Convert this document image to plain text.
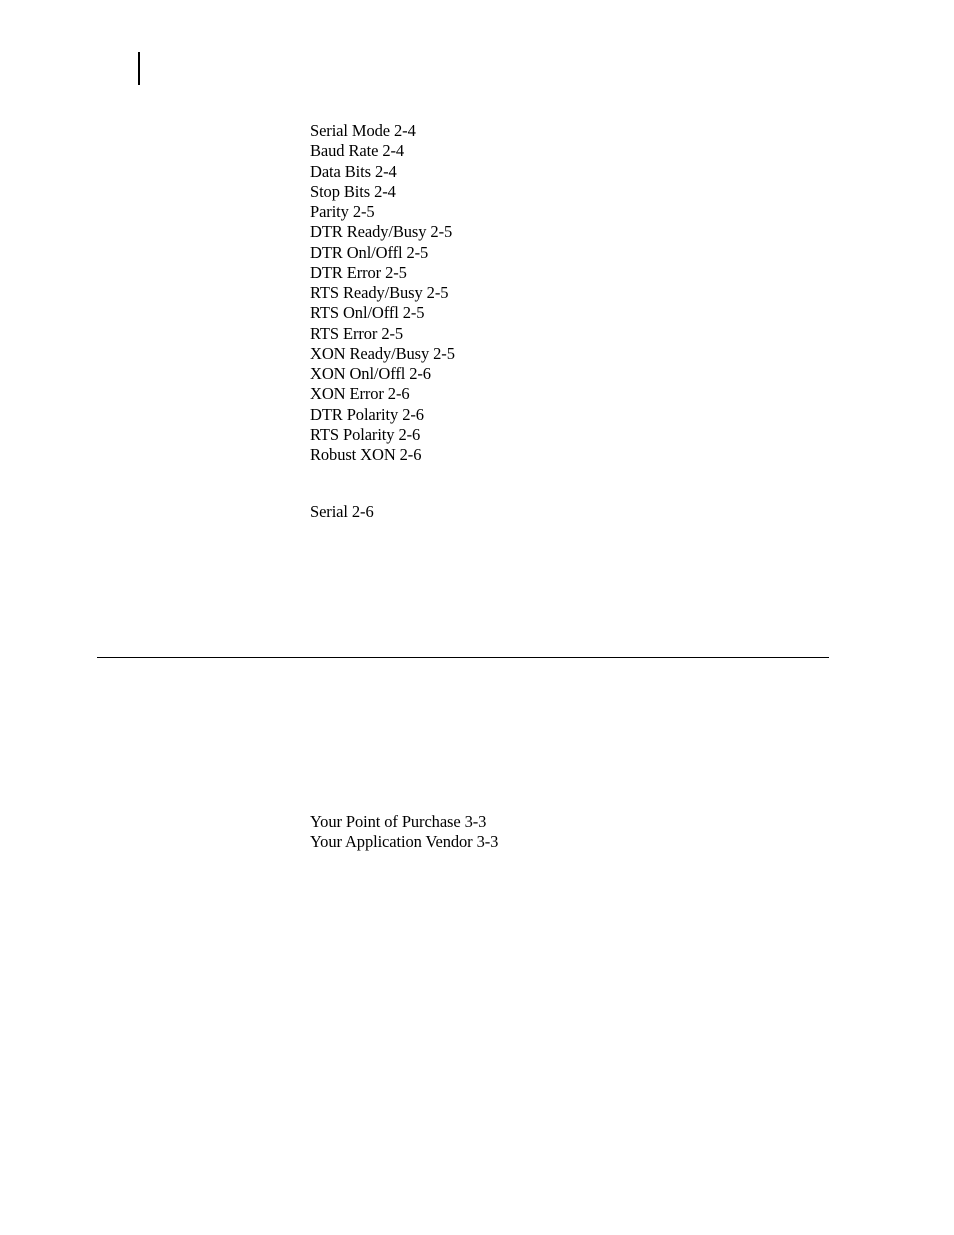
Serial Mode 2-4
Baud Rate 2-4
Data Bits 2-4
Stop Bits 2-4
Parity 2-5
DTR Ready/Busy 2-5
DTR Onl/Offl 2-5
DTR Error 2-5
RTS Ready/Busy 2-5
RTS Onl/Offl 2-5
RTS Error 2-5
XON Ready/Busy 2-5
XON Onl/Offl 2-6
XON Error 2-6
DTR Polarity 2-6
RTS Polarity 2-6
Robust XON 2-6
Serial 2-6
Your Point of Purchase 3-3
Your Application Vendor 3-3
